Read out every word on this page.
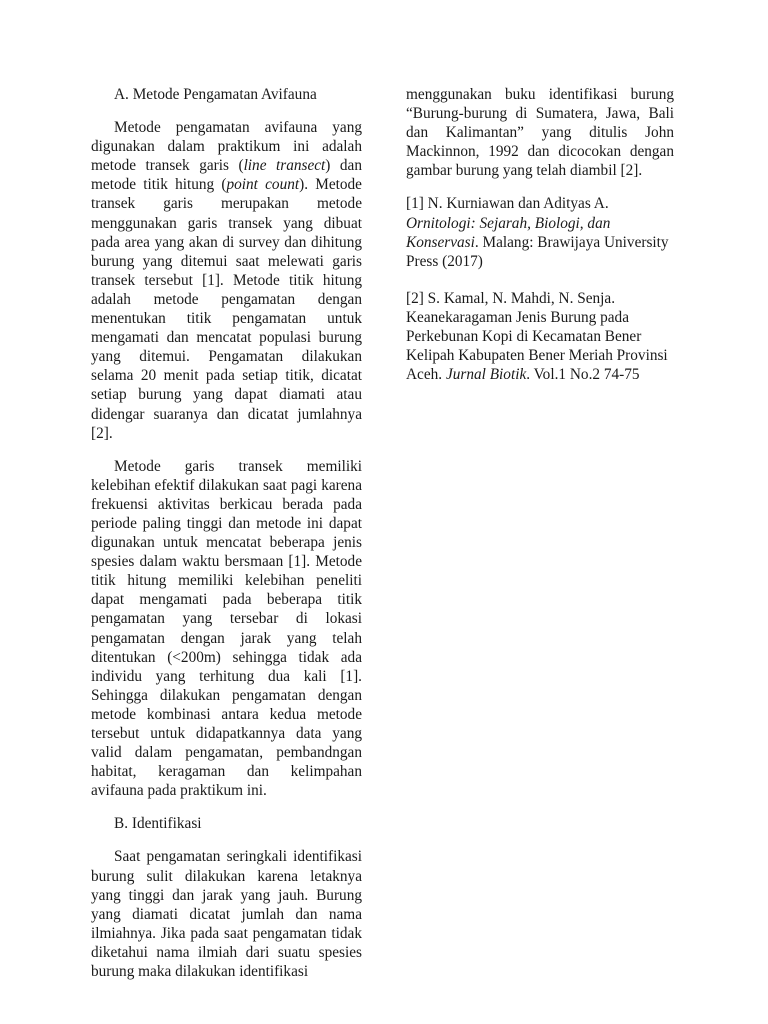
A. Metode Pengamatan Avifauna

Metode pengamatan avifauna yang digunakan dalam praktikum ini adalah metode transek garis (line transect) dan metode titik hitung (point count). Metode transek garis merupakan metode menggunakan garis transek yang dibuat pada area yang akan di survey dan dihitung burung yang ditemui saat melewati garis transek tersebut [1]. Metode titik hitung adalah metode pengamatan dengan menentukan titik pengamatan untuk mengamati dan mencatat populasi burung yang ditemui. Pengamatan dilakukan selama 20 menit pada setiap titik, dicatat setiap burung yang dapat diamati atau didengar suaranya dan dicatat jumlahnya [2].

Metode garis transek memiliki kelebihan efektif dilakukan saat pagi karena frekuensi aktivitas berkicau berada pada periode paling tinggi dan metode ini dapat digunakan untuk mencatat beberapa jenis spesies dalam waktu bersmaan [1]. Metode titik hitung memiliki kelebihan peneliti dapat mengamati pada beberapa titik pengamatan yang tersebar di lokasi pengamatan dengan jarak yang telah ditentukan (<200m) sehingga tidak ada individu yang terhitung dua kali [1]. Sehingga dilakukan pengamatan dengan metode kombinasi antara kedua metode tersebut untuk didapatkannya data yang valid dalam pengamatan, pembandngan habitat, keragaman dan kelimpahan avifauna pada praktikum ini.

B. Identifikasi

Saat pengamatan seringkali identifikasi burung sulit dilakukan karena letaknya yang tinggi dan jarak yang jauh. Burung yang diamati dicatat jumlah dan nama ilmiahnya. Jika pada saat pengamatan tidak diketahui nama ilmiah dari suatu spesies burung maka dilakukan identifikasi

menggunakan buku identifikasi burung “Burung-burung di Sumatera, Jawa, Bali dan Kalimantan” yang ditulis John Mackinnon, 1992 dan dicocokan dengan gambar burung yang telah diambil [2].

[1] N. Kurniawan dan Adityas A. Ornitologi: Sejarah, Biologi, dan Konservasi. Malang: Brawijaya University Press (2017)

[2] S. Kamal, N. Mahdi, N. Senja. Keanekaragaman Jenis Burung pada Perkebunan Kopi di Kecamatan Bener Kelipah Kabupaten Bener Meriah Provinsi Aceh. Jurnal Biotik. Vol.1 No.2 74-75
